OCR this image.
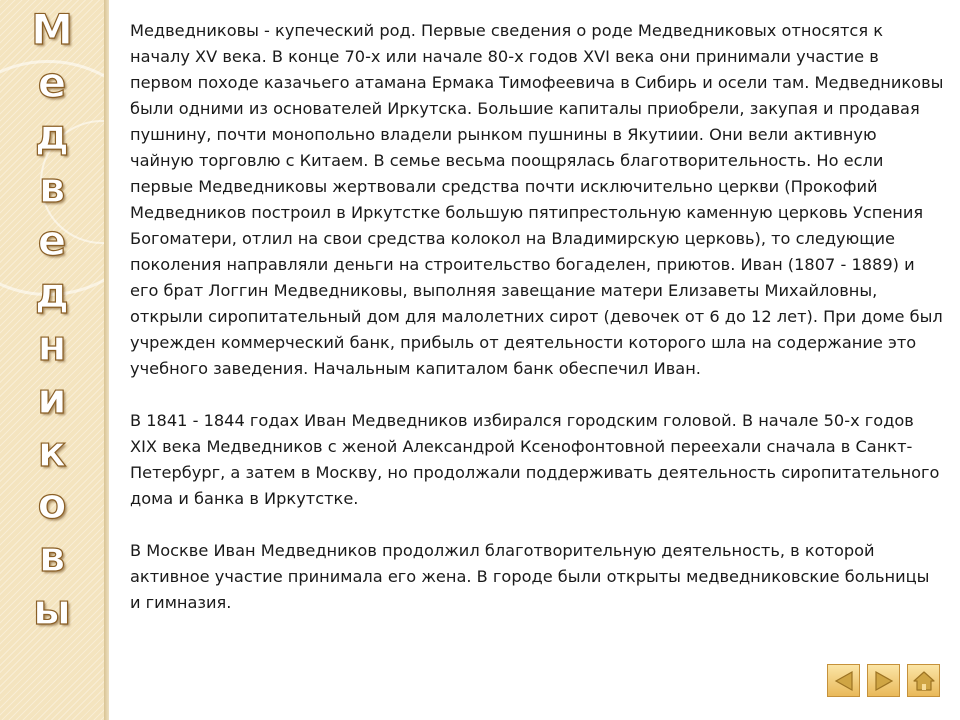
М
е
д
в
е
д
н
и
к
о
в
ы

Медведниковы - купеческий род. Первые сведения о роде Медведниковых относятся к началу XV века. В конце 70-х или начале 80-х годов XVI века они принимали участие в первом походе казачьего атамана Ермака Тимофеевича в Сибирь и осели там. Медведниковы были одними из основателей Иркутска. Большие капиталы приобрели, закупая и продавая пушнину, почти монопольно владели рынком пушнины в Якутиии. Они вели активную чайную торговлю с Китаем. В семье весьма поощрялась благотворительность. Но если первые Медведниковы жертвовали средства почти исключительно церкви (Прокофий Медведников построил в Иркутстке большую пятипрестольную каменную церковь Успения Богоматери, отлил на свои средства колокол на Владимирскую церковь), то следующие поколения направляли деньги на строительство богаделен, приютов. Иван (1807 - 1889) и его брат Логгин Медведниковы, выполняя завещание матери Елизаветы Михайловны, открыли сиропитательный дом для малолетних сирот (девочек от 6 до 12 лет). При доме был учрежден коммерческий банк, прибыль от деятельности которого шла на содержание это учебного заведения. Начальным капиталом банк обеспечил Иван.

В 1841 - 1844 годах Иван Медведников избирался городским головой. В начале 50-х годов XIX века Медведников с женой Александрой Ксенофонтовной переехали сначала в Санкт-Петербург, а затем в Москву, но продолжали поддерживать деятельность сиропитательного дома и банка в Иркутстке.

В Москве Иван Медведников продолжил благотворительную деятельность, в которой активное участие принимала его жена. В городе были открыты медведниковские больницы и гимназия.
